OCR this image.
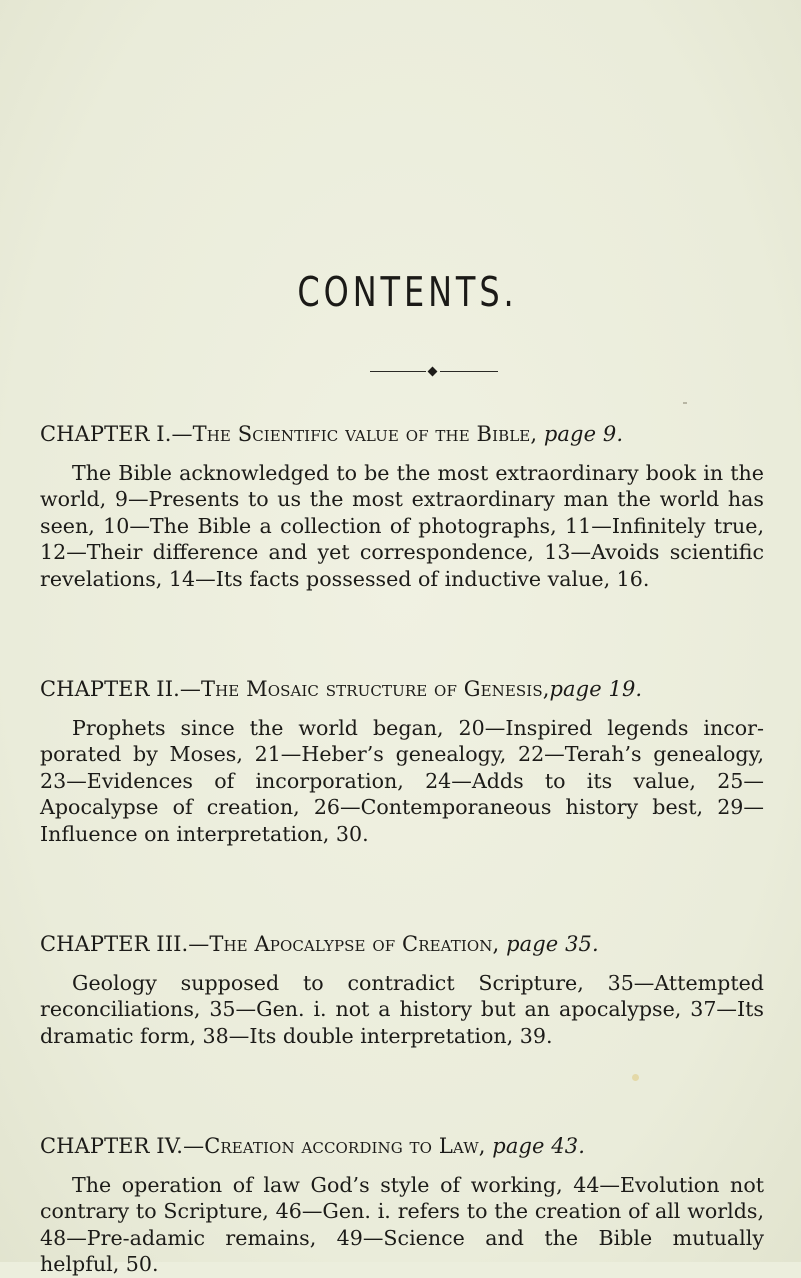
CONTENTS.
CHAPTER I.—The Scientific value of the Bible, page 9.
The Bible acknowledged to be the most extraordinary book in the world, 9—Presents to us the most extraordinary man the world has seen, 10—The Bible a collection of photographs, 11—Infinitely true, 12—Their difference and yet correspondence, 13—Avoids scientific revelations, 14—Its facts possessed of inductive value, 16.
CHAPTER II.—The Mosaic structure of Genesis,page 19.
Prophets since the world began, 20—Inspired legends incorporated by Moses, 21—Heber’s genealogy, 22—Terah’s genealogy, 23—Evidences of incorporation, 24—Adds to its value, 25—Apocalypse of creation, 26—Contemporaneous history best, 29—Influence on interpretation, 30.
CHAPTER III.—The Apocalypse of Creation, page 35.
Geology supposed to contradict Scripture, 35—Attempted reconciliations, 35—Gen. i. not a history but an apocalypse, 37—Its dramatic form, 38—Its double interpretation, 39.
CHAPTER IV.—Creation according to Law, page 43.
The operation of law God’s style of working, 44—Evolution not contrary to Scripture, 46—Gen. i. refers to the creation of all worlds, 48—Pre-adamic remains, 49—Science and the Bible mutually helpful, 50.
